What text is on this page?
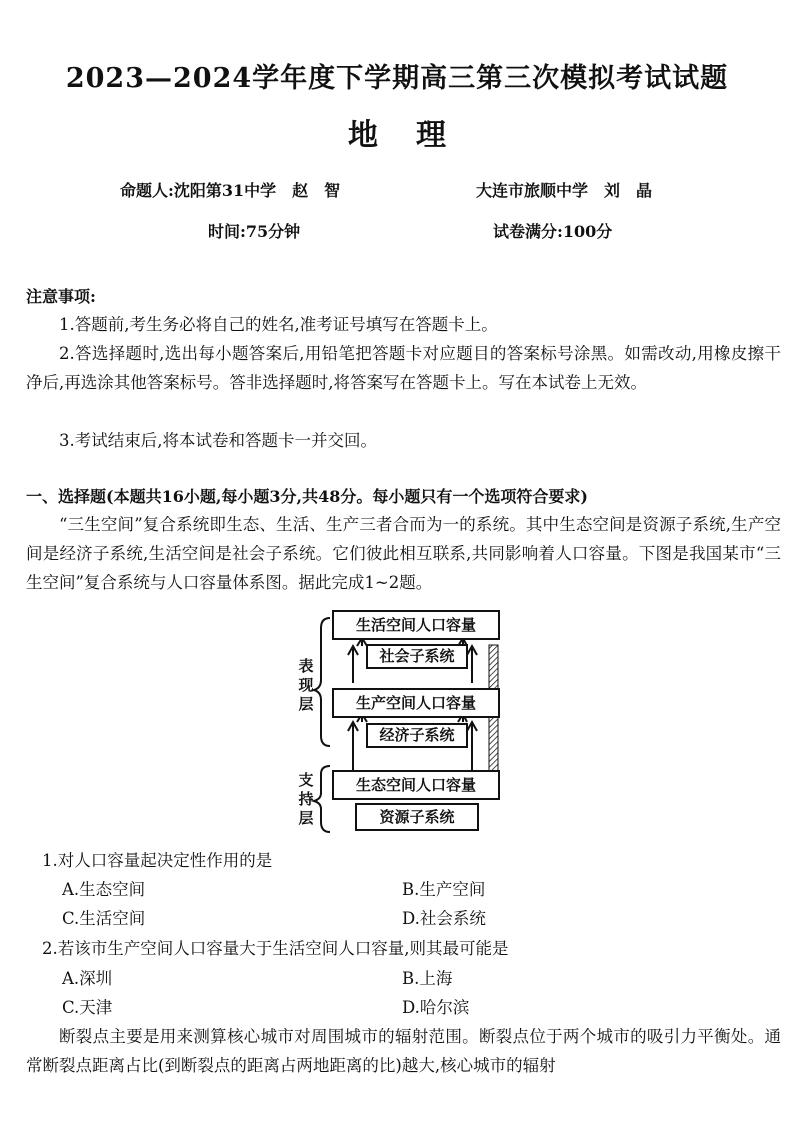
2023—2024学年度下学期高三第三次模拟考试试题
地理
命题人:沈阳第31中学　赵　智	大连市旅顺中学　刘　晶
时间:75分钟	试卷满分:100分
注意事项:
1.答题前,考生务必将自己的姓名,准考证号填写在答题卡上。
2.答选择题时,选出每小题答案后,用铅笔把答题卡对应题目的答案标号涂黑。如需改动,用橡皮擦干净后,再选涂其他答案标号。答非选择题时,将答案写在答题卡上。写在本试卷上无效。
3.考试结束后,将本试卷和答题卡一并交回。
一、选择题(本题共16小题,每小题3分,共48分。每小题只有一个选项符合要求)
“三生空间”复合系统即生态、生活、生产三者合而为一的系统。其中生态空间是资源子系统,生产空间是经济子系统,生活空间是社会子系统。它们彼此相互联系,共同影响着人口容量。下图是我国某市“三生空间”复合系统与人口容量体系图。据此完成1~2题。
表现层
支持层
生活空间人口容量
社会子系统
生产空间人口容量
经济子系统
生态空间人口容量
资源子系统
1.对人口容量起决定性作用的是
A.生态空间	B.生产空间
C.生活空间	D.社会系统
2.若该市生产空间人口容量大于生活空间人口容量,则其最可能是
A.深圳	B.上海
C.天津	D.哈尔滨
断裂点主要是用来测算核心城市对周围城市的辐射范围。断裂点位于两个城市的吸引力平衡处。通常断裂点距离占比(到断裂点的距离占两地距离的比)越大,核心城市的辐射
